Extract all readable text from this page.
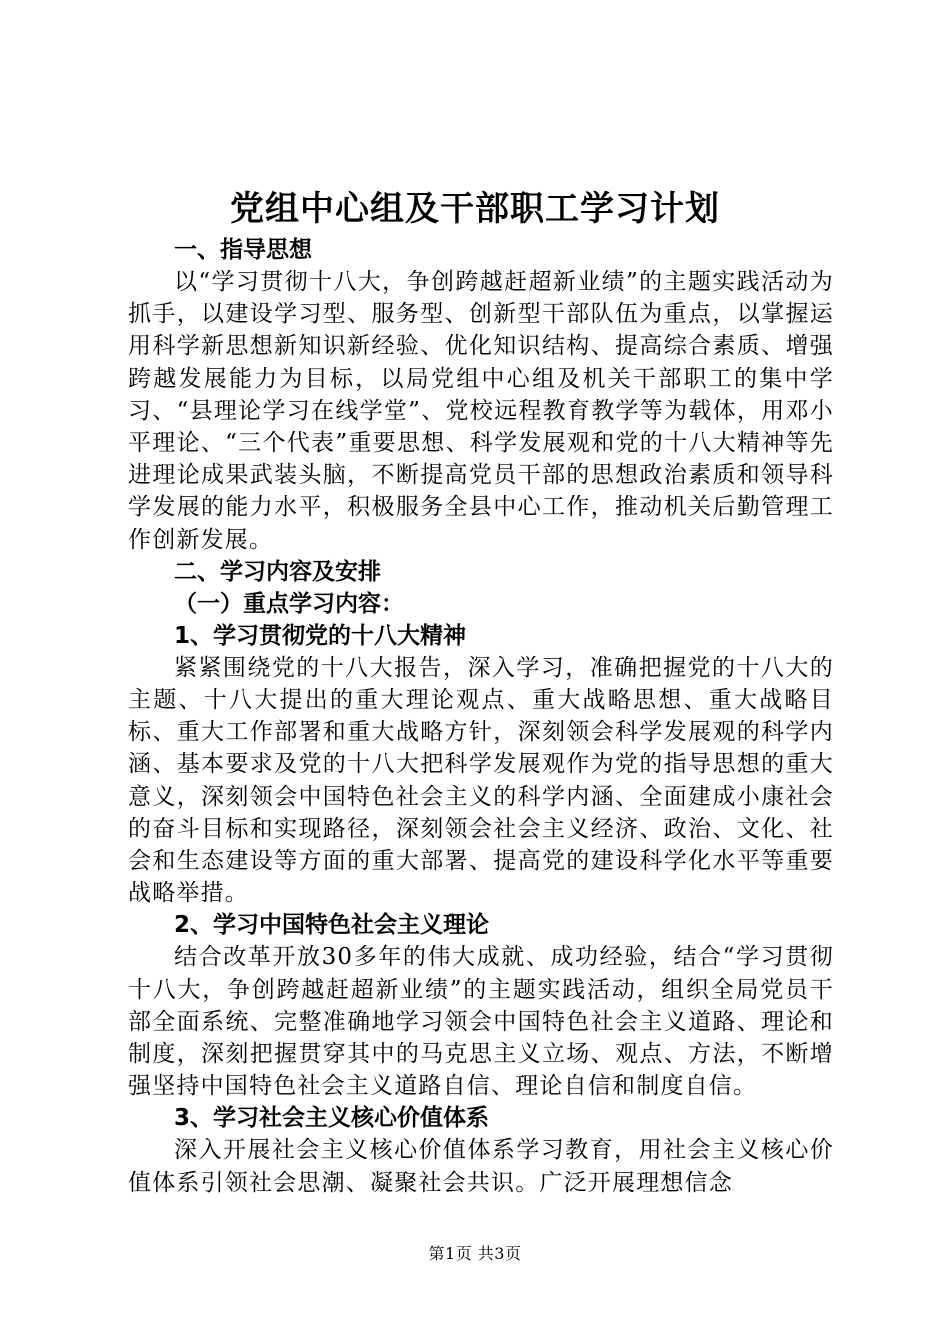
党组中心组及干部职工学习计划
一、指导思想

以“学习贯彻十八大，争创跨越赶超新业绩”的主题实践活动为抓手，以建设学习型、服务型、创新型干部队伍为重点，以掌握运用科学新思想新知识新经验、优化知识结构、提高综合素质、增强跨越发展能力为目标，以局党组中心组及机关干部职工的集中学习、“县理论学习在线学堂”、党校远程教育教学等为载体，用邓小平理论、“三个代表”重要思想、科学发展观和党的十八大精神等先进理论成果武装头脑，不断提高党员干部的思想政治素质和领导科学发展的能力水平，积极服务全县中心工作，推动机关后勤管理工作创新发展。

二、学习内容及安排
（一）重点学习内容：
1、学习贯彻党的十八大精神

紧紧围绕党的十八大报告，深入学习，准确把握党的十八大的主题、十八大提出的重大理论观点、重大战略思想、重大战略目标、重大工作部署和重大战略方针，深刻领会科学发展观的科学内涵、基本要求及党的十八大把科学发展观作为党的指导思想的重大意义，深刻领会中国特色社会主义的科学内涵、全面建成小康社会的奋斗目标和实现路径，深刻领会社会主义经济、政治、文化、社会和生态建设等方面的重大部署、提高党的建设科学化水平等重要战略举措。

2、学习中国特色社会主义理论

结合改革开放30多年的伟大成就、成功经验，结合“学习贯彻十八大，争创跨越赶超新业绩”的主题实践活动，组织全局党员干部全面系统、完整准确地学习领会中国特色社会主义道路、理论和制度，深刻把握贯穿其中的马克思主义立场、观点、方法，不断增强坚持中国特色社会主义道路自信、理论自信和制度自信。

3、学习社会主义核心价值体系

深入开展社会主义核心价值体系学习教育，用社会主义核心价值体系引领社会思潮、凝聚社会共识。广泛开展理想信念

第1页 共3页
